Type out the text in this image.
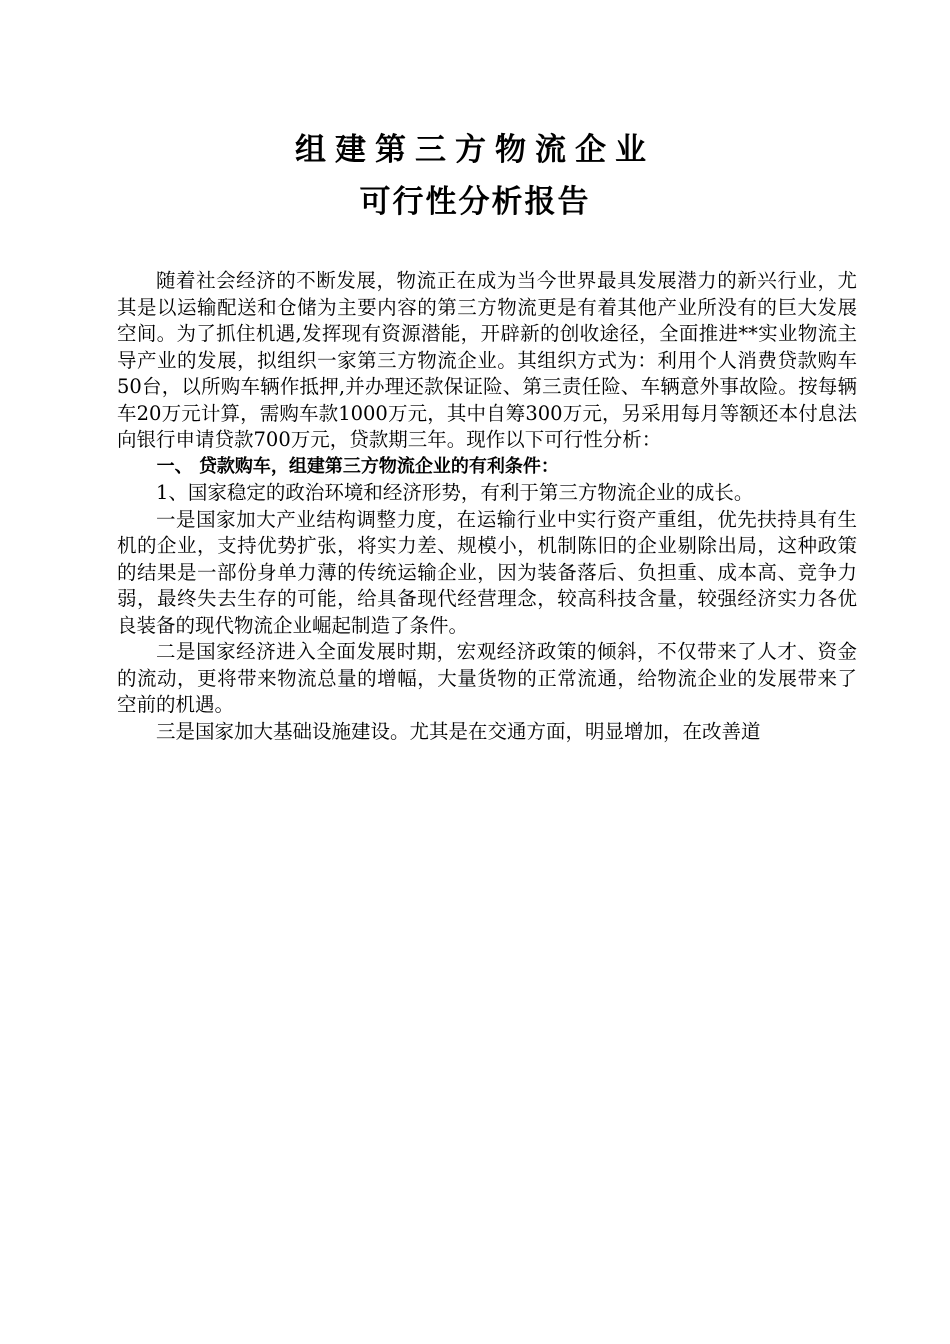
组建第三方物流企业
可行性分析报告

随着社会经济的不断发展，物流正在成为当今世界最具发展潜力的新兴行业，尤其是以运输配送和仓储为主要内容的第三方物流更是有着其他产业所没有的巨大发展空间。为了抓住机遇,发挥现有资源潜能，开辟新的创收途径，全面推进**实业物流主导产业的发展，拟组织一家第三方物流企业。其组织方式为：利用个人消费贷款购车50台，以所购车辆作抵押,并办理还款保证险、第三责任险、车辆意外事故险。按每辆车20万元计算，需购车款1000万元，其中自筹300万元，另采用每月等额还本付息法向银行申请贷款700万元，贷款期三年。现作以下可行性分析：

一、 贷款购车，组建第三方物流企业的有利条件：

1、国家稳定的政治环境和经济形势，有利于第三方物流企业的成长。

一是国家加大产业结构调整力度，在运输行业中实行资产重组，优先扶持具有生机的企业，支持优势扩张，将实力差、规模小，机制陈旧的企业剔除出局，这种政策的结果是一部份身单力薄的传统运输企业，因为装备落后、负担重、成本高、竞争力弱，最终失去生存的可能，给具备现代经营理念，较高科技含量，较强经济实力各优良装备的现代物流企业崛起制造了条件。

二是国家经济进入全面发展时期，宏观经济政策的倾斜，不仅带来了人才、资金的流动，更将带来物流总量的增幅，大量货物的正常流通，给物流企业的发展带来了空前的机遇。

三是国家加大基础设施建设。尤其是在交通方面，明显增加，在改善道
